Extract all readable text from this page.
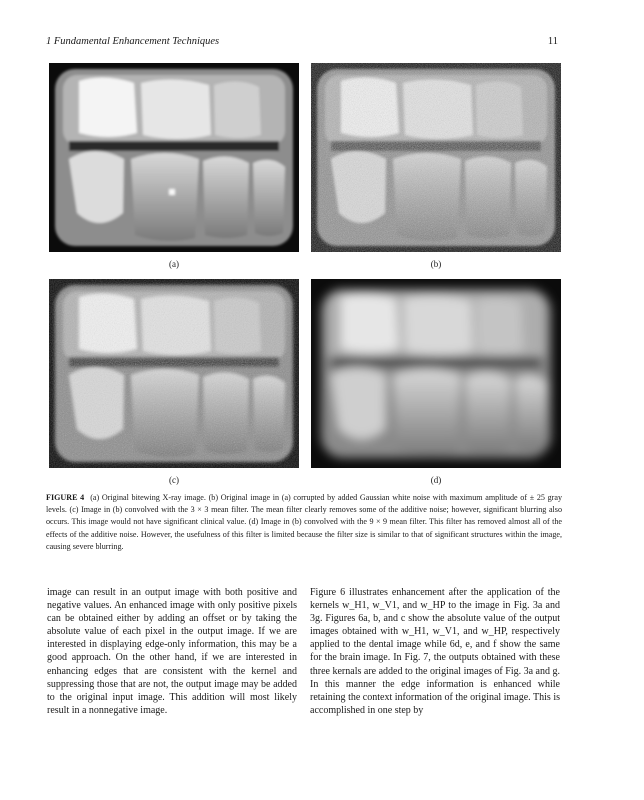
1 Fundamental Enhancement Techniques	11
(a)	(b)
(c)	(d)
FIGURE 4 (a) Original bitewing X-ray image. (b) Original image in (a) corrupted by added Gaussian white noise with maximum amplitude of ± 25 gray levels. (c) Image in (b) convolved with the 3 × 3 mean filter. The mean filter clearly removes some of the additive noise; however, significant blurring also occurs. This image would not have significant clinical value. (d) Image in (b) convolved with the 9 × 9 mean filter. This filter has removed almost all of the effects of the additive noise. However, the usefulness of this filter is limited because the filter size is similar to that of significant structures within the image, causing severe blurring.
image can result in an output image with both positive and negative values. An enhanced image with only positive pixels can be obtained either by adding an offset or by taking the absolute value of each pixel in the output image. If we are interested in displaying edge-only information, this may be a good approach. On the other hand, if we are interested in enhancing edges that are consistent with the kernel and suppressing those that are not, the output image may be added to the original input image. This addition will most likely result in a nonnegative image.
Figure 6 illustrates enhancement after the application of the kernels w_H1, w_V1, and w_HP to the image in Fig. 3a and 3g. Figures 6a, b, and c show the absolute value of the output images obtained with w_H1, w_V1, and w_HP, respectively applied to the dental image while 6d, e, and f show the same for the brain image. In Fig. 7, the outputs obtained with these three kernals are added to the original images of Fig. 3a and g. In this manner the edge information is enhanced while retaining the context information of the original image. This is accomplished in one step by
